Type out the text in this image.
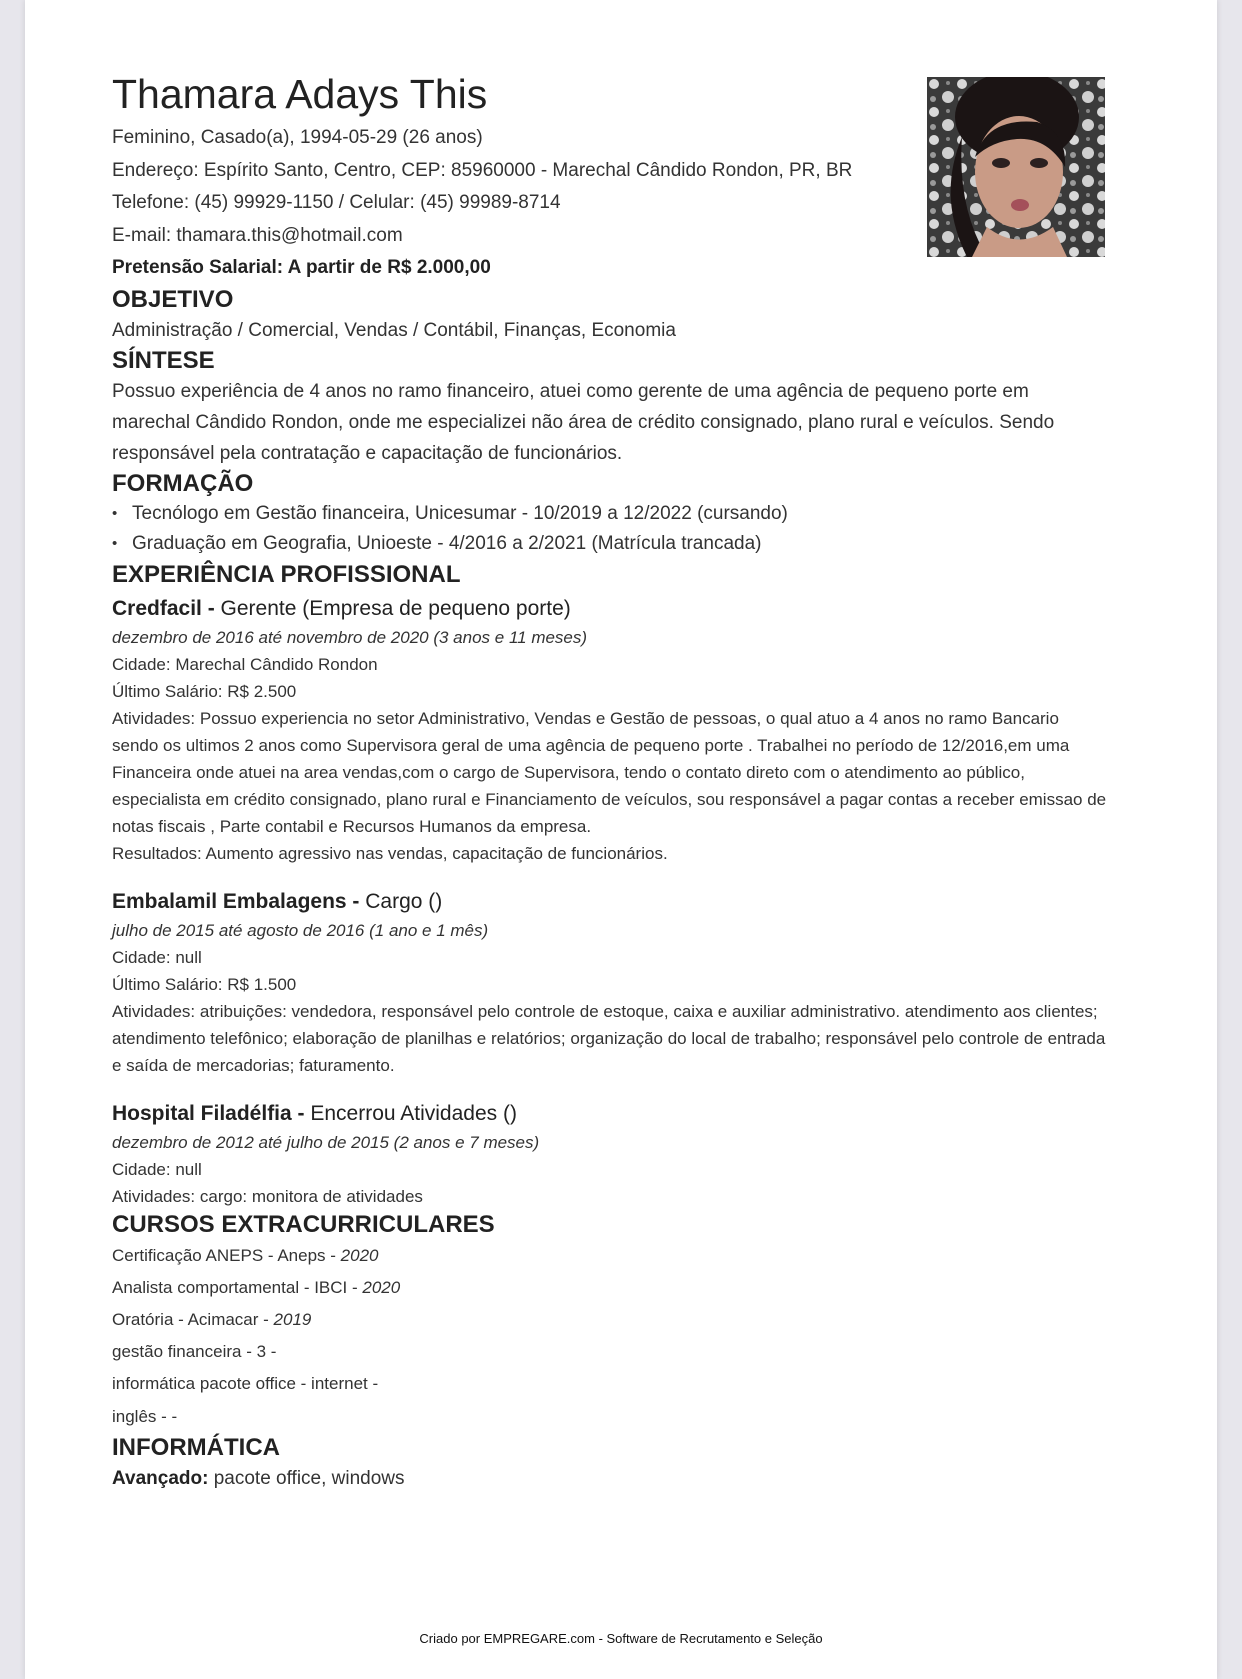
Thamara Adays This
Feminino, Casado(a), 1994-05-29 (26 anos)
Endereço: Espírito Santo, Centro, CEP: 85960000 - Marechal Cândido Rondon, PR, BR
Telefone: (45) 99929-1150 / Celular: (45) 99989-8714
E-mail: thamara.this@hotmail.com
Pretensão Salarial: A partir de R$ 2.000,00
OBJETIVO
Administração / Comercial, Vendas / Contábil, Finanças, Economia
SÍNTESE
Possuo experiência de 4 anos no ramo financeiro, atuei como gerente de uma agência de pequeno porte em marechal Cândido Rondon, onde me especializei não área de crédito consignado, plano rural e veículos. Sendo responsável pela contratação e capacitação de funcionários.
FORMAÇÃO
• Tecnólogo em Gestão financeira, Unicesumar - 10/2019 a 12/2022 (cursando)
• Graduação em Geografia, Unioeste - 4/2016 a 2/2021 (Matrícula trancada)
EXPERIÊNCIA PROFISSIONAL
Credfacil - Gerente (Empresa de pequeno porte)
dezembro de 2016 até novembro de 2020 (3 anos e 11 meses)
Cidade: Marechal Cândido Rondon
Último Salário: R$ 2.500
Atividades: Possuo experiencia no setor Administrativo, Vendas e Gestão de pessoas, o qual atuo a 4 anos no ramo Bancario sendo os ultimos 2 anos como Supervisora geral de uma agência de pequeno porte . Trabalhei no período de 12/2016,em uma Financeira onde atuei na area vendas,com o cargo de Supervisora, tendo o contato direto com o atendimento ao público, especialista em crédito consignado, plano rural e Financiamento de veículos, sou responsável a pagar contas a receber emissao de notas fiscais , Parte contabil e Recursos Humanos da empresa.
Resultados: Aumento agressivo nas vendas, capacitação de funcionários.
Embalamil Embalagens - Cargo ()
julho de 2015 até agosto de 2016 (1 ano e 1 mês)
Cidade: null
Último Salário: R$ 1.500
Atividades: atribuições: vendedora, responsável pelo controle de estoque, caixa e auxiliar administrativo. atendimento aos clientes; atendimento telefônico; elaboração de planilhas e relatórios; organização do local de trabalho; responsável pelo controle de entrada e saída de mercadorias; faturamento.
Hospital Filadélfia - Encerrou Atividades ()
dezembro de 2012 até julho de 2015 (2 anos e 7 meses)
Cidade: null
Atividades: cargo: monitora de atividades
CURSOS EXTRACURRICULARES
Certificação ANEPS - Aneps - 2020
Analista comportamental - IBCI - 2020
Oratória - Acimacar - 2019
gestão financeira - 3 -
informática pacote office - internet -
inglês - -
INFORMÁTICA
Avançado: pacote office, windows
Criado por EMPREGARE.com - Software de Recrutamento e Seleção
